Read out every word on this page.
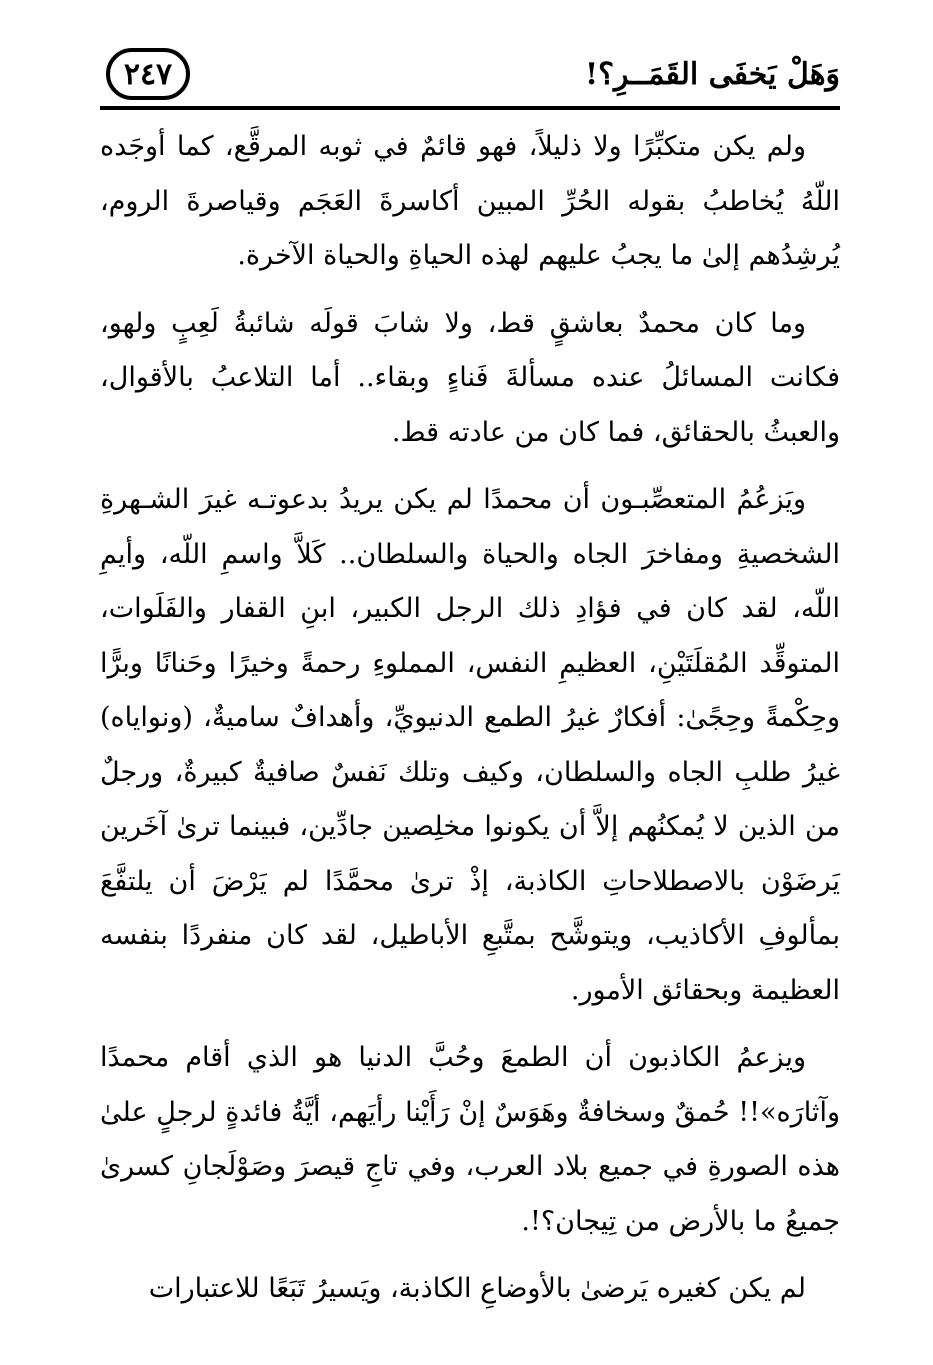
وَهَلْ يَخفَى القَمَــرِ؟!
٢٤٧

ولم يكن متكبِّرًا ولا ذليلاً، فهو قائمٌ في ثوبه المرقَّع، كما أوجَده اللّهُ يُخاطبُ بقوله الحُرِّ المبين أكاسرةَ العَجَم وقياصرةَ الروم، يُرشِدُهم إلىٰ ما يجبُ عليهم لهذه الحياةِ والحياة الآخرة.

وما كان محمدٌ بعاشقٍ قط، ولا شابَ قولَه شائبةُ لَعِبٍ ولهو، فكانت المسائلُ عنده مسألةَ فَناءٍ وبقاء.. أما التلاعبُ بالأقوال، والعبثُ بالحقائق، فما كان من عادته قط.

ويَزعُمُ المتعصِّبـون أن محمدًا لم يكن يريدُ بدعوتـه غيرَ الشـهرةِ الشخصيةِ ومفاخرَ الجاه والحياة والسلطان.. كَلاَّ واسمِ اللّه، وأيمِ اللّه، لقد كان في فؤادِ ذلك الرجل الكبير، ابنِ القفار والفَلَوات، المتوقِّد المُقلَتَيْنِ، العظيمِ النفس، المملوءِ رحمةً وخيرًا وحَنانًا وبرًّا وحِكْمةً وحِجًىٰ: أفكارٌ غيرُ الطمع الدنيويِّ، وأهدافٌ ساميةٌ، (ونواياه) غيرُ طلبِ الجاه والسلطان، وكيف وتلك نَفسٌ صافيةٌ كبيرةٌ، ورجلٌ من الذين لا يُمكنُهم إلاَّ أن يكونوا مخلِصين جادِّين، فبينما ترىٰ آخَرين يَرضَوْن بالاصطلاحاتِ الكاذبة، إذْ ترىٰ محمَّدًا لم يَرْضَ أن يلتفَّعَ بمألوفِ الأكاذيب، ويتوشَّح بمتَّبعِ الأباطيل، لقد كان منفردًا بنفسه العظيمة وبحقائق الأمور.

ويزعمُ الكاذبون أن الطمعَ وحُبَّ الدنيا هو الذي أقام محمدًا وآثارَه»!! حُمقٌ وسخافةٌ وهَوَسٌ إنْ رَأَيْنا رأيَهم، أيَّةُ فائدةٍ لرجلٍ علىٰ هذه الصورةِ في جميع بلاد العرب، وفي تاجِ قيصرَ وصَوْلَجانِ كسرىٰ جميعُ ما بالأرض من تِيجان؟!.

لم يكن كغيره يَرضىٰ بالأوضاعِ الكاذبة، ويَسيرُ تَبَعًا للاعتبارات
